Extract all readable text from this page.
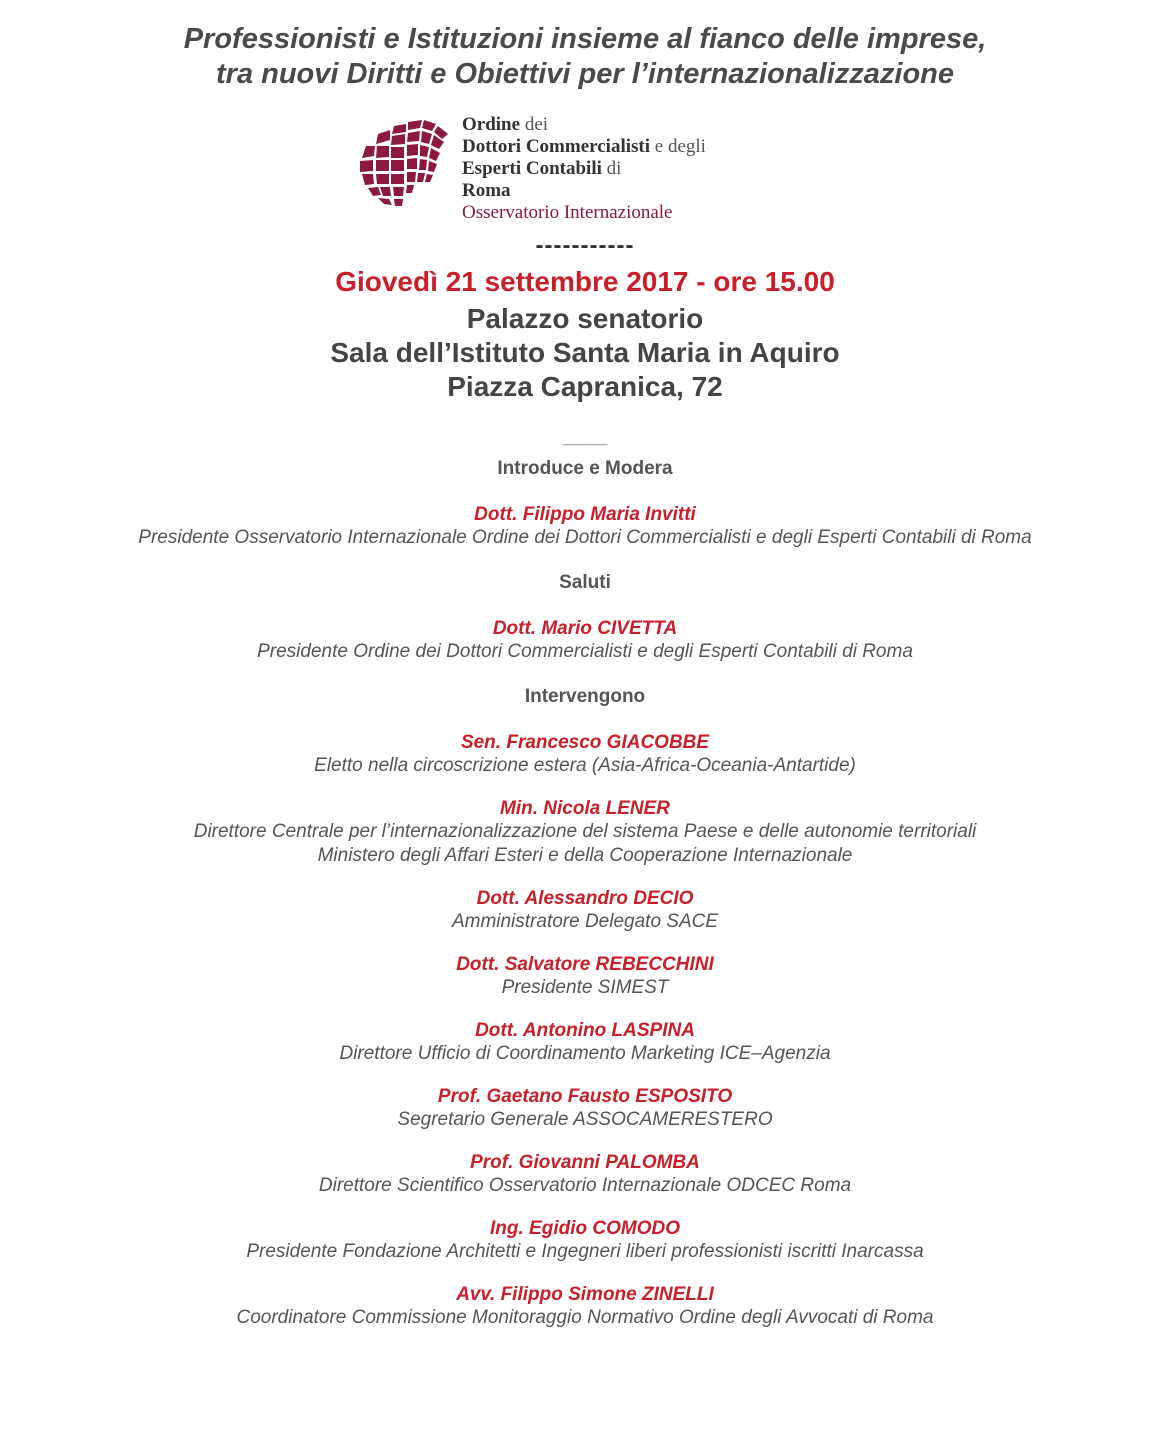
Professionisti e Istituzioni insieme al fianco delle imprese,
tra nuovi Diritti e Obiettivi per l’internazionalizzazione
Ordine dei
Dottori Commercialisti e degli
Esperti Contabili di
Roma
Osservatorio Internazionale
-----------
Giovedì 21 settembre 2017 - ore 15.00
Palazzo senatorio
Sala dell’Istituto Santa Maria in Aquiro
Piazza Capranica, 72
_____
Introduce e Modera
Dott. Filippo Maria Invitti
Presidente Osservatorio Internazionale Ordine dei Dottori Commercialisti e degli Esperti Contabili di Roma
Saluti
Dott. Mario CIVETTA
Presidente Ordine dei Dottori Commercialisti e degli Esperti Contabili di Roma
Intervengono
Sen. Francesco GIACOBBE
Eletto nella circoscrizione estera (Asia-Africa-Oceania-Antartide)
Min. Nicola LENER
Direttore Centrale per l’internazionalizzazione del sistema Paese e delle autonomie territoriali
Ministero degli Affari Esteri e della Cooperazione Internazionale
Dott. Alessandro DECIO
Amministratore Delegato SACE
Dott. Salvatore REBECCHINI
Presidente SIMEST
Dott. Antonino LASPINA
Direttore Ufficio di Coordinamento Marketing ICE–Agenzia
Prof. Gaetano Fausto ESPOSITO
Segretario Generale ASSOCAMERESTERO
Prof. Giovanni PALOMBA
Direttore Scientifico Osservatorio Internazionale ODCEC Roma
Ing. Egidio COMODO
Presidente Fondazione Architetti e Ingegneri liberi professionisti iscritti Inarcassa
Avv. Filippo Simone ZINELLI
Coordinatore Commissione Monitoraggio Normativo Ordine degli Avvocati di Roma
